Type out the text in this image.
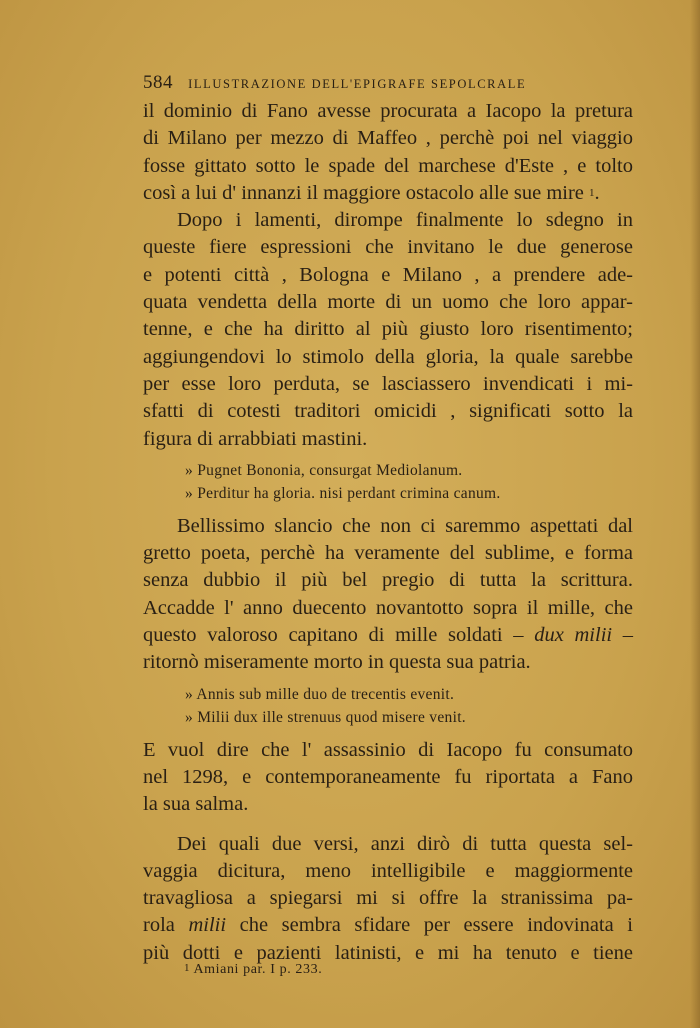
584 ILLUSTRAZIONE DELL'EPIGRAFE SEPOLCRALE

il dominio di Fano avesse procurata a Iacopo la pretura
di Milano per mezzo di Maffeo , perchè poi nel viaggio
fosse gittato sotto le spade del marchese d'Este , e tolto
così a lui d' innanzi il maggiore ostacolo alle sue mire $^1$.

Dopo i lamenti, dirompe finalmente lo sdegno in
queste fiere espressioni che invitano le due generose
e potenti città , Bologna e Milano , a prendere ade-
quata vendetta della morte di un uomo che loro appar-
tenne, e che ha diritto al più giusto loro risentimento;
aggiungendovi lo stimolo della gloria, la quale sarebbe
per esse loro perduta, se lasciassero invendicati i mi-
sfatti di cotesti traditori omicidi , significati sotto la
figura di arrabbiati mastini.

» Pugnet Bononia, consurgat Mediolanum.
» Perditur ha gloria. nisi perdant crimina canum.

Bellissimo slancio che non ci saremmo aspettati dal
gretto poeta, perchè ha veramente del sublime, e forma
senza dubbio il più bel pregio di tutta la scrittura.
Accadde l' anno duecento novantotto sopra il mille, che
questo valoroso capitano di mille soldati – dux milii –
ritornò miseramente morto in questa sua patria.

» Annis sub mille duo de trecentis evenit.
» Milii dux ille strenuus quod misere venit.

E vuol dire che l' assassinio di Iacopo fu consumato
nel 1298, e contemporaneamente fu riportata a Fano
la sua salma.

Dei quali due versi, anzi dirò di tutta questa sel-
vaggia dicitura, meno intelligibile e maggiormente
travagliosa a spiegarsi mi si offre la stranissima pa-
rola milii che sembra sfidare per essere indovinata i
più dotti e pazienti latinisti, e mi ha tenuto e tiene

$^1$ Amiani par. I p. 233.
